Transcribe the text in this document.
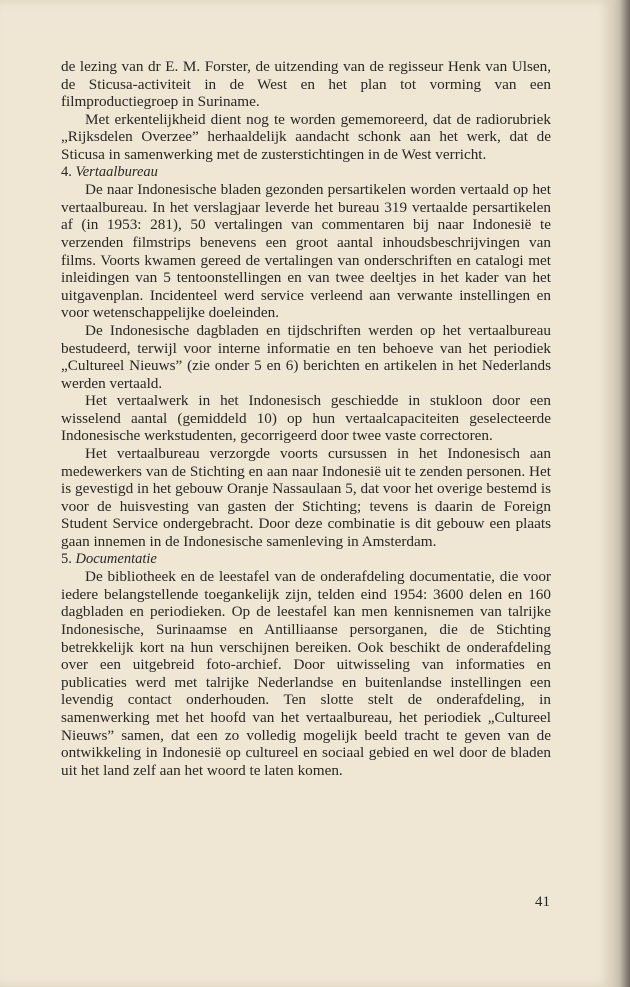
de lezing van dr E. M. Forster, de uitzending van de regisseur Henk van Ulsen, de Sticusa-activiteit in de West en het plan tot vorming van een filmproductiegroep in Suriname.

Met erkentelijkheid dient nog te worden gememoreerd, dat de radiorubriek „Rijksdelen Overzee” herhaaldelijk aandacht schonk aan het werk, dat de Sticusa in samenwerking met de zusterstichtingen in de West verricht.

4. Vertaalbureau

De naar Indonesische bladen gezonden persartikelen worden vertaald op het vertaalbureau. In het verslagjaar leverde het bureau 319 vertaalde persartikelen af (in 1953: 281), 50 vertalingen van commentaren bij naar Indonesië te verzenden filmstrips benevens een groot aantal inhoudsbeschrijvingen van films. Voorts kwamen gereed de vertalingen van onderschriften en catalogi met inleidingen van 5 tentoonstellingen en van twee deeltjes in het kader van het uitgavenplan. Incidenteel werd service verleend aan verwante instellingen en voor wetenschappelijke doeleinden.

De Indonesische dagbladen en tijdschriften werden op het vertaalbureau bestudeerd, terwijl voor interne informatie en ten behoeve van het periodiek „Cultureel Nieuws” (zie onder 5 en 6) berichten en artikelen in het Nederlands werden vertaald.

Het vertaalwerk in het Indonesisch geschiedde in stukloon door een wisselend aantal (gemiddeld 10) op hun vertaalcapaciteiten geselecteerde Indonesische werkstudenten, gecorrigeerd door twee vaste correctoren.

Het vertaalbureau verzorgde voorts cursussen in het Indonesisch aan medewerkers van de Stichting en aan naar Indonesië uit te zenden personen. Het is gevestigd in het gebouw Oranje Nassaulaan 5, dat voor het overige bestemd is voor de huisvesting van gasten der Stichting; tevens is daarin de Foreign Student Service ondergebracht. Door deze combinatie is dit gebouw een plaats gaan innemen in de Indonesische samenleving in Amsterdam.

5. Documentatie

De bibliotheek en de leestafel van de onderafdeling documentatie, die voor iedere belangstellende toegankelijk zijn, telden eind 1954: 3600 delen en 160 dagbladen en periodieken. Op de leestafel kan men kennisnemen van talrijke Indonesische, Surinaamse en Antilliaanse persorganen, die de Stichting betrekkelijk kort na hun verschijnen bereiken. Ook beschikt de onderafdeling over een uitgebreid foto-archief. Door uitwisseling van informaties en publicaties werd met talrijke Nederlandse en buitenlandse instellingen een levendig contact onderhouden. Ten slotte stelt de onderafdeling, in samenwerking met het hoofd van het vertaalbureau, het periodiek „Cultureel Nieuws” samen, dat een zo volledig mogelijk beeld tracht te geven van de ontwikkeling in Indonesië op cultureel en sociaal gebied en wel door de bladen uit het land zelf aan het woord te laten komen.

41
